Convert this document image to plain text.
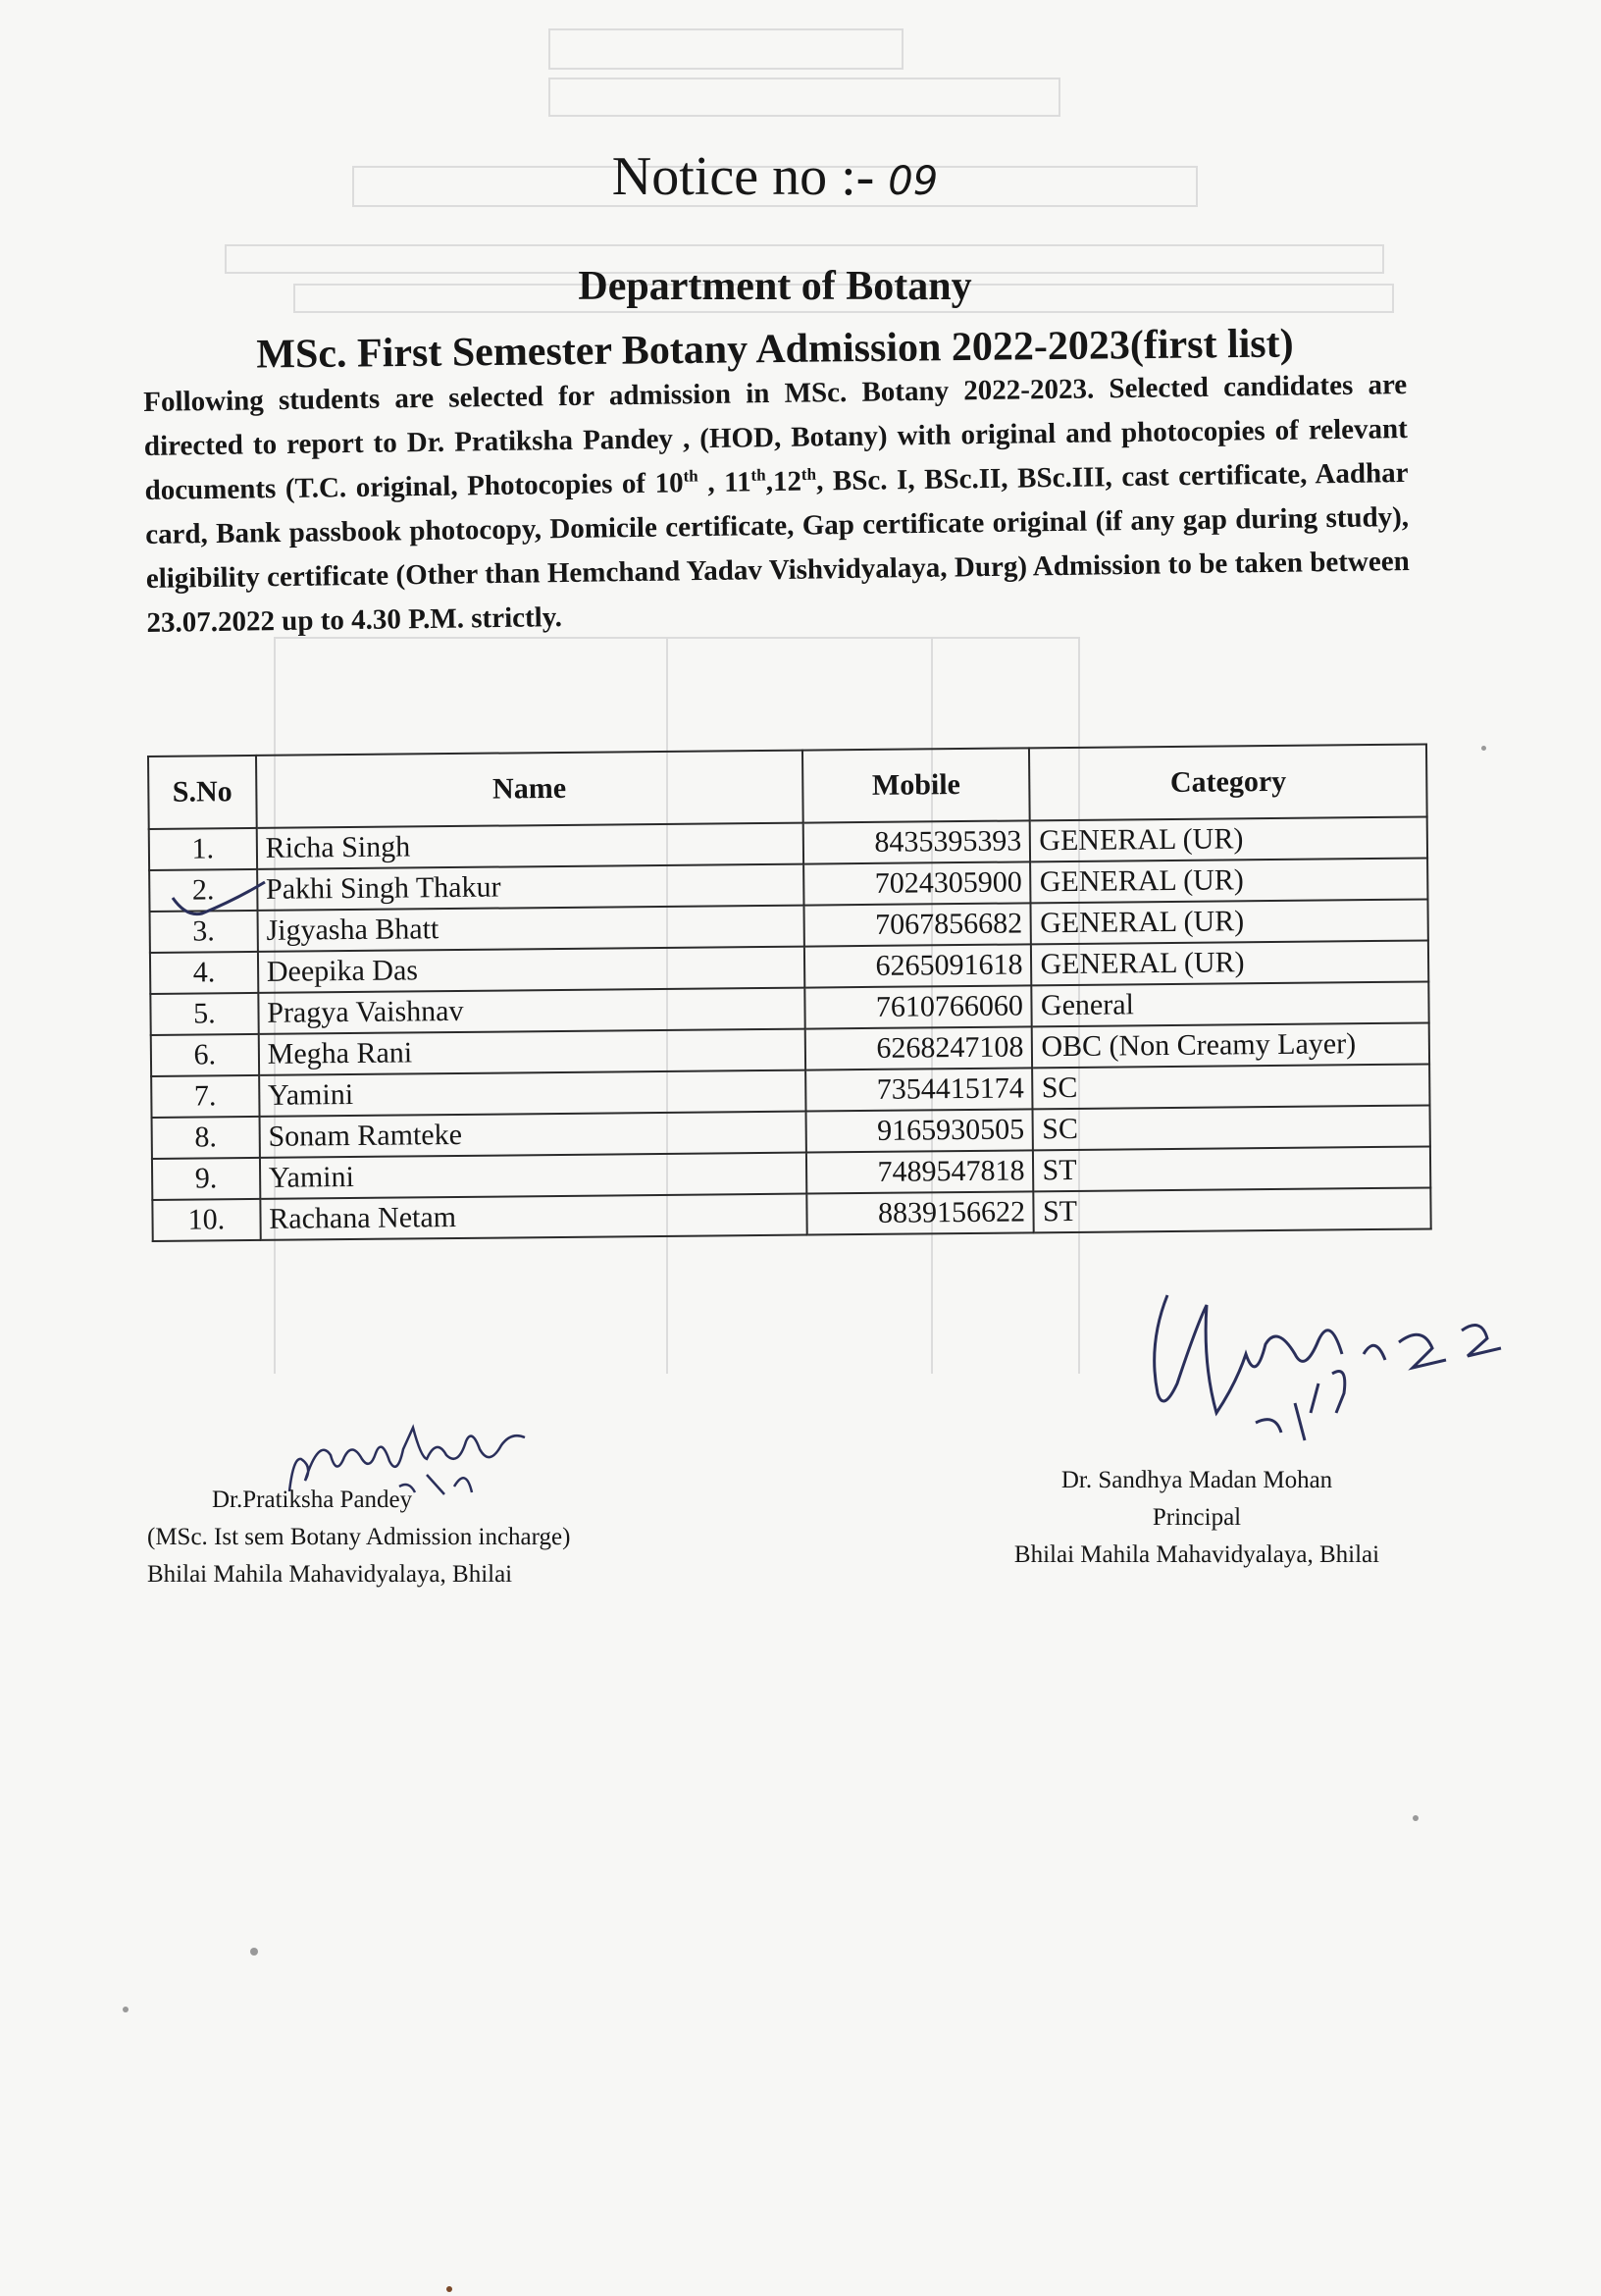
Notice no :- 09
Department of Botany
MSc. First Semester Botany Admission 2022-2023(first list)
Following students are selected for admission in MSc. Botany 2022-2023. Selected candidates are directed to report to Dr. Pratiksha Pandey , (HOD, Botany) with original and photocopies of relevant documents (T.C. original, Photocopies of 10th , 11th,12th, BSc. I, BSc.II, BSc.III, cast certificate, Aadhar card, Bank passbook photocopy, Domicile certificate, Gap certificate original (if any gap during study), eligibility certificate (Other than Hemchand Yadav Vishvidyalaya, Durg) Admission to be taken between 23.07.2022 up to 4.30 P.M. strictly.
S.No	Name	Mobile	Category
1.	Richa Singh	8435395393	GENERAL (UR)
2.	Pakhi Singh Thakur	7024305900	GENERAL (UR)
3.	Jigyasha Bhatt	7067856682	GENERAL (UR)
4.	Deepika Das	6265091618	GENERAL (UR)
5.	Pragya Vaishnav	7610766060	General
6.	Megha Rani	6268247108	OBC (Non Creamy Layer)
7.	Yamini	7354415174	SC
8.	Sonam Ramteke	9165930505	SC
9.	Yamini	7489547818	ST
10.	Rachana Netam	8839156622	ST
Dr.Pratiksha Pandey
(MSc. Ist sem Botany Admission incharge)
Bhilai Mahila Mahavidyalaya, Bhilai
Dr. Sandhya Madan Mohan
Principal
Bhilai Mahila Mahavidyalaya, Bhilai
